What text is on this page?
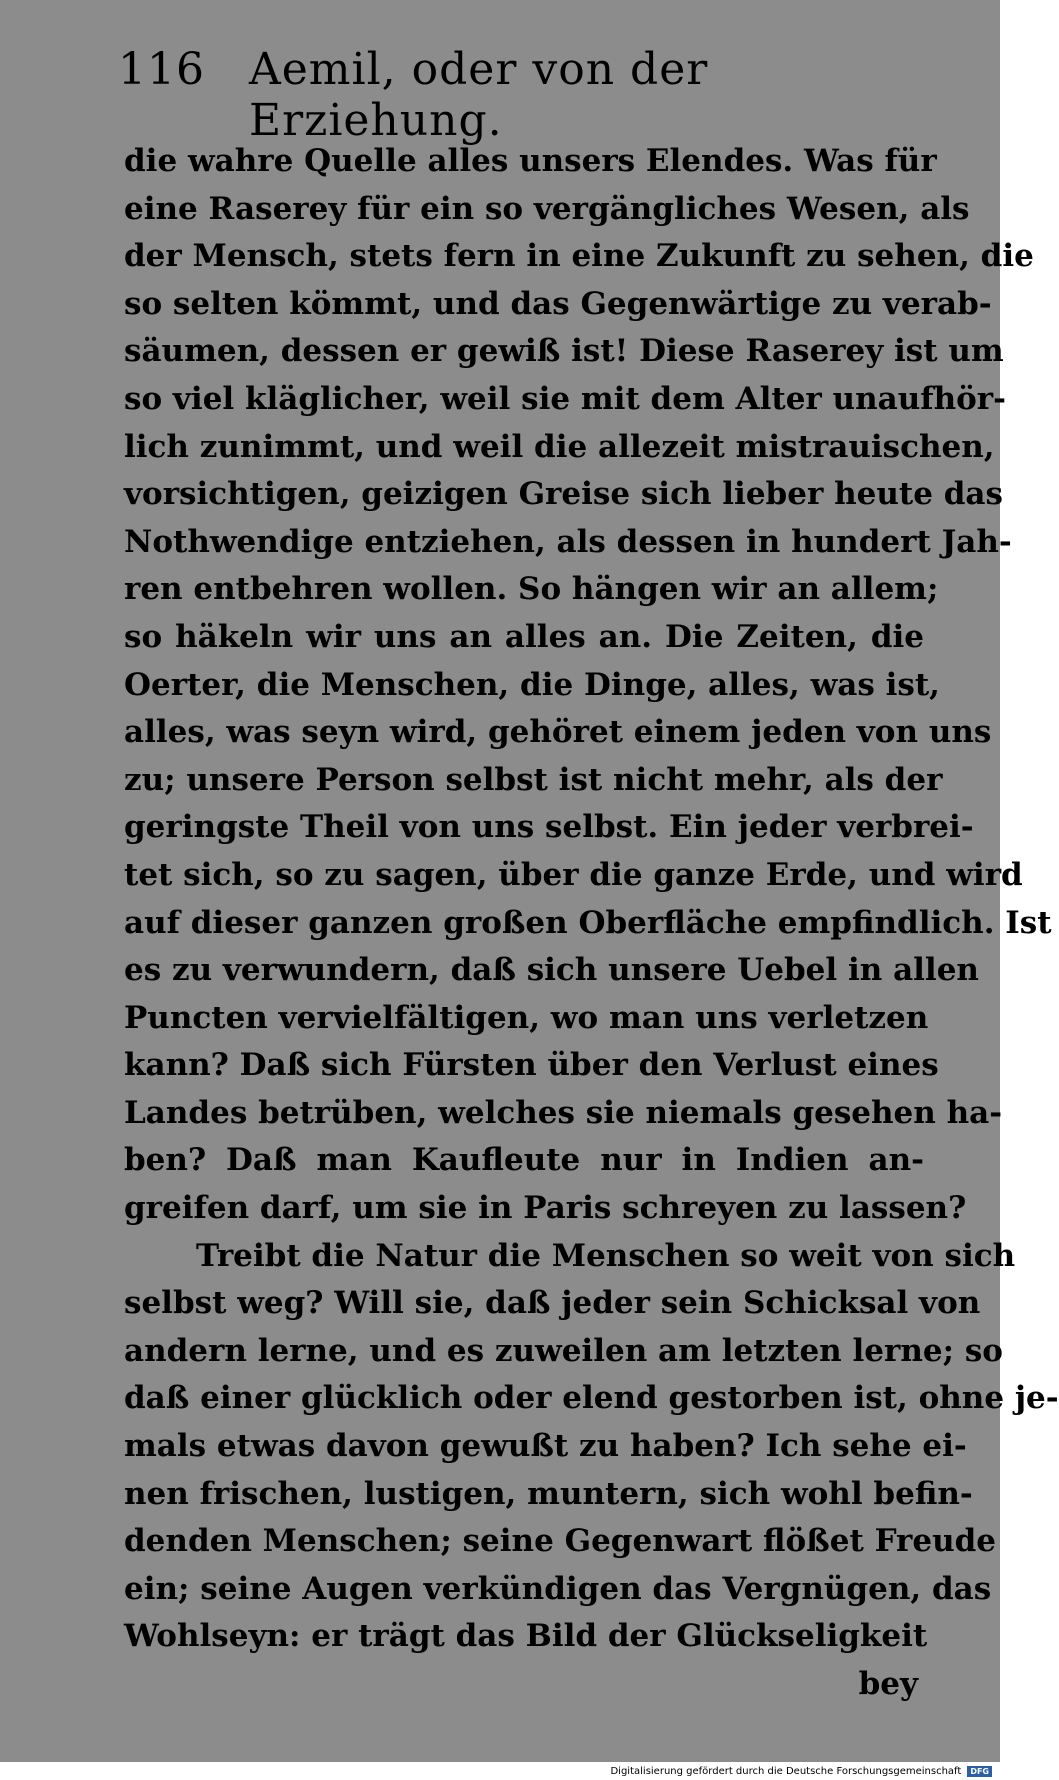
116 Aemil, oder von der Erziehung.
die wahre Quelle alles unsers Elendes. Was für
eine Raserey für ein so vergängliches Wesen, als
der Mensch, stets fern in eine Zukunft zu sehen, die
so selten kömmt, und das Gegenwärtige zu verab-
säumen, dessen er gewiß ist! Diese Raserey ist um
so viel kläglicher, weil sie mit dem Alter unaufhör-
lich zunimmt, und weil die allezeit mistrauischen,
vorsichtigen, geizigen Greise sich lieber heute das
Nothwendige entziehen, als dessen in hundert Jah-
ren entbehren wollen. So hängen wir an allem;
so häkeln wir uns an alles an. Die Zeiten, die
Oerter, die Menschen, die Dinge, alles, was ist,
alles, was seyn wird, gehöret einem jeden von uns
zu; unsere Person selbst ist nicht mehr, als der
geringste Theil von uns selbst. Ein jeder verbrei-
tet sich, so zu sagen, über die ganze Erde, und wird
auf dieser ganzen großen Oberfläche empfindlich. Ist
es zu verwundern, daß sich unsere Uebel in allen
Puncten vervielfältigen, wo man uns verletzen
kann? Daß sich Fürsten über den Verlust eines
Landes betrüben, welches sie niemals gesehen ha-
ben? Daß man Kaufleute nur in Indien an-
greifen darf, um sie in Paris schreyen zu lassen?
Treibt die Natur die Menschen so weit von sich
selbst weg? Will sie, daß jeder sein Schicksal von
andern lerne, und es zuweilen am letzten lerne; so
daß einer glücklich oder elend gestorben ist, ohne je-
mals etwas davon gewußt zu haben? Ich sehe ei-
nen frischen, lustigen, muntern, sich wohl befin-
denden Menschen; seine Gegenwart flößet Freude
ein; seine Augen verkündigen das Vergnügen, das
Wohlseyn: er trägt das Bild der Glückseligkeit
bey
Digitalisierung gefördert durch die Deutsche Forschungsgemeinschaft	DFG
